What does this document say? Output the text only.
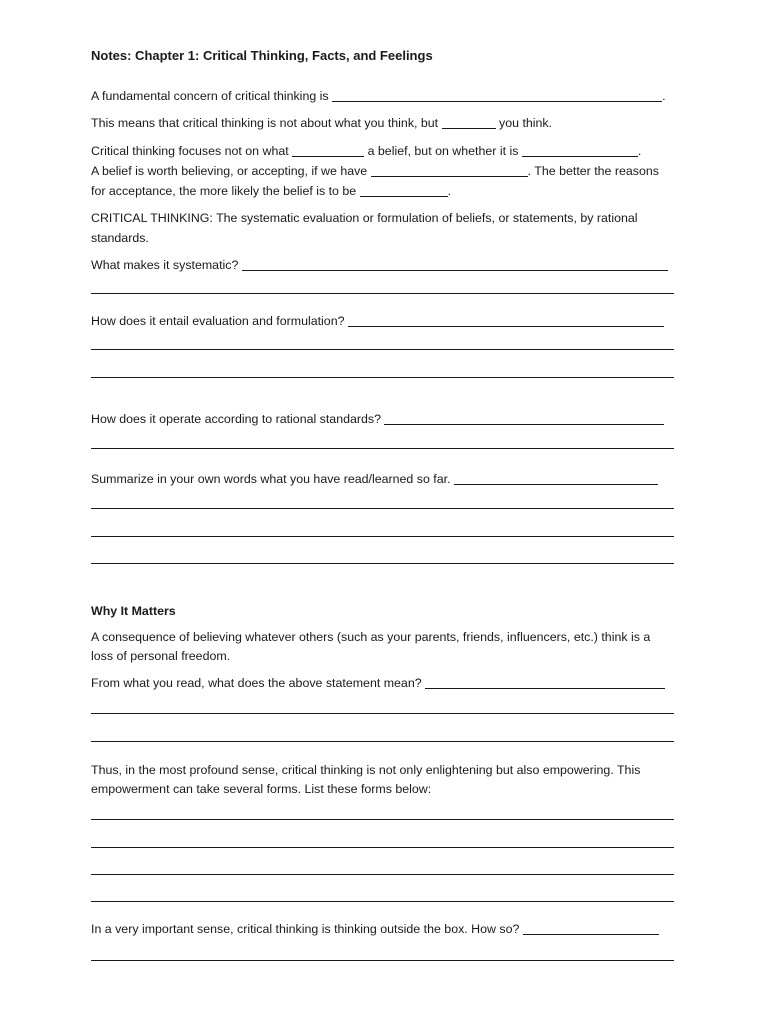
Notes: Chapter 1: Critical Thinking, Facts, and Feelings

A fundamental concern of critical thinking is	.

This means that critical thinking is not about what you think, but	you think.

Critical thinking focuses not on what	a belief, but on whether it is	.

A belief is worth believing, or accepting, if we have	. The better the reasons

for acceptance, the more likely the belief is to be	.

CRITICAL THINKING: The systematic evaluation or formulation of beliefs, or statements, by rational

standards.

What makes it systematic?

How does it entail evaluation and formulation?

How does it operate according to rational standards?

Summarize in your own words what you have read/learned so far.

Why It Matters

A consequence of believing whatever others (such as your parents, friends, influencers, etc.) think is a

loss of personal freedom.

From what you read, what does the above statement mean?

Thus, in the most profound sense, critical thinking is not only enlightening but also empowering. This

empowerment can take several forms. List these forms below:

In a very important sense, critical thinking is thinking outside the box. How so?
